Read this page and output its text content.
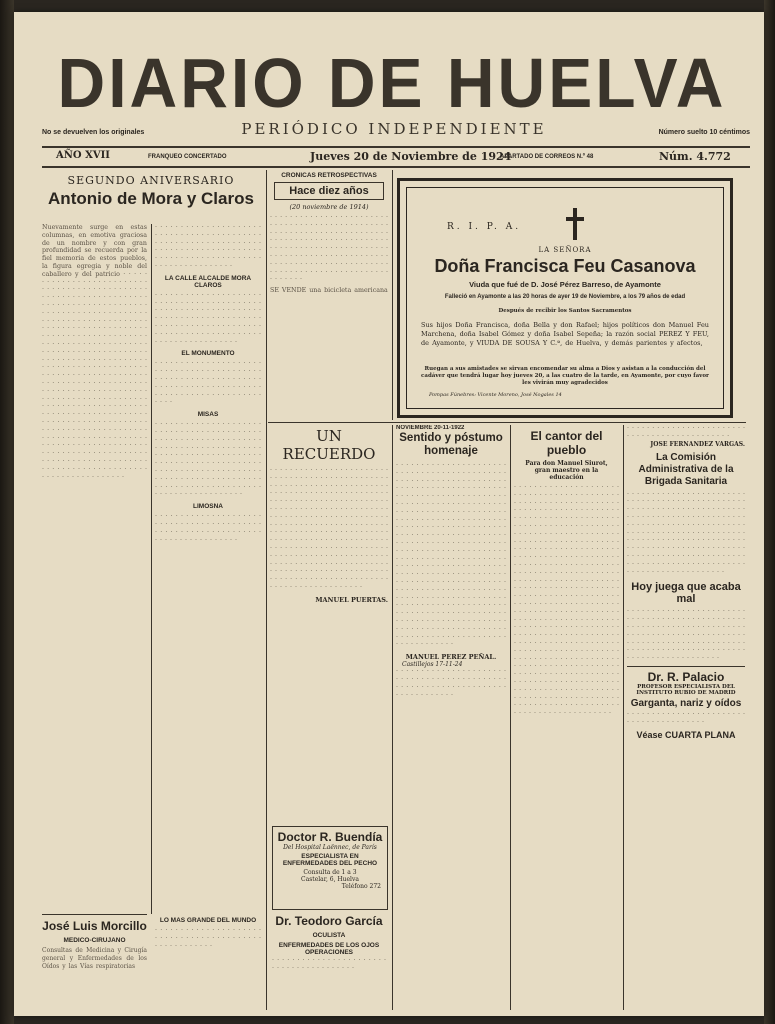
DIARIO DE HUELVA
No se devuelven los originales	PERIÓDICO INDEPENDIENTE	Número suelto 10 céntimos
AÑO XVII	FRANQUEO CONCERTADO	Jueves 20 de Noviembre de 1924
APARTADO DE CORREOS N.º 48	Núm. 4.772
SEGUNDO ANIVERSARIO
Antonio de Mora y Claros
Nuevamente surge en estas columnas, en emotiva graciosa de un nombre y con gran profundidad se recuerda por la fiel memoria de estos pueblos, la figura egregia y noble del caballero y del patricio · · · · · · · · · · · · · · · · · · · · · · · · · · · · · · · · · · · · · · · · · · · · · · · · · · · · · · · · · · · · · · · · · · · · · · · · · · · · · · · · · · · · · · · · · · · · · · · · · · · · · · · · · · · · · · · · · · · · · · · · · · · · · · · · · · · · · · · · · · · · · · · · · · · · · · · · · · · · · · · · · · · · · · · · · · · · · · · · · · · · · · · · · · · · · · · · · · · · · · · · · · · · · · · · · · · · · · · · · · · · · · · · · · · · · · · · · · · · · · · · · · · · · · · · · · · · · · · · · · · · · · · · · · · · · · · · · · · · · · · · · · · · · · · · · · · · · · · · · · · · · · · · · · · · · · · · · · · · · · · · · · · · · · · · · · · · · · · · · · · · · · · · · · · · · · · · · · · · · · · · · · · · · · · · · · · · · · · · · · · · · · · · · · · · · · · · · · · · · · · · · · · · · · · · · · · · · · · · · · · · · · · · · · · · · · · · · · · · · · · · · · · · · · · · · · · · · · · · · · · · · · · · · · · · · · · · · · · · · · · · · · · · · · · · · · · · · · · · · · · · · · · · · · · · · · · · · · · · · · · · · · · · · · · · · · · · · · · · · · · · · · · · · · ·
José Luis Morcillo
MEDICO-CIRUJANO
Consultas de Medicina y Cirugía general y Enfermedades de los Oídos y las Vías respiratorias
· · · · · · · · · · · · · · · · · · · · · · · · · · · · · · · · · · · · · · · · · · · · · · · · · · · · · · · · · · · · · · · · · · · · · · · · · · · · · · · · · · · · · · · · · · · · · · · · · · · · · · · · · · · · · · · · · · · · · · · · ·
LA CALLE ALCALDE MORA CLAROS
· · · · · · · · · · · · · · · · · · · · · · · · · · · · · · · · · · · · · · · · · · · · · · · · · · · · · · · · · · · · · · · · · · · · · · · · · · · · · · · · · · · · · · · · · · · · · · · · · · · · · · · · · · · · · · · · · · · · · · · · · · · · · · · · · · · · · · · · · · · · · · ·
EL MONUMENTO
· · · · · · · · · · · · · · · · · · · · · · · · · · · · · · · · · · · · · · · · · · · · · · · · · · · · · · · · · · · · · · · · · · · · · · · · · · · · · · · · · · · · · · · · · · · · · · · · · · · · · · · · · · · · ·
MISAS
· · · · · · · · · · · · · · · · · · · · · · · · · · · · · · · · · · · · · · · · · · · · · · · · · · · · · · · · · · · · · · · · · · · · · · · · · · · · · · · · · · · · · · · · · · · · · · · · · · · · · · · · · · · · · · · · · · · · · · · · · · · · · · · · · · · · · · · · · · · · · · · · · · · · · · · · · · · · · · · · · · · · · · · · · · · · · · · · · · · · · · · · · · · · · · · · · · · · · · · · · · · · · · ·
LIMOSNA
· · · · · · · · · · · · · · · · · · · · · · · · · · · · · · · · · · · · · · · · · · · · · · · · · · · · · · · · · · · · · · · · · · · · · · · · · · · · · · · ·
LO MAS GRANDE DEL MUNDO
· · · · · · · · · · · · · · · · · · · · · · · · · · · · · · · · · · · · · · · · · · · · · · · · · · · · · ·
CRONICAS RETROSPECTIVAS
Hace diez años
(20 noviembre de 1914)
· · · · · · · · · · · · · · · · · · · · · · · · · · · · · · · · · · · · · · · · · · · · · · · · · · · · · · · · · · · · · · · · · · · · · · · · · · · · · · · · · · · · · · · · · · · · · · · · · · · · · · · · · · · · · · · · · · · · · · · · · · · · · · · · · · · · · · · · · · · · · · · · · · · · · · · · · · · · · · · · · · · · · · · · · · · · · · · · · · · · · · · · · · · · · · · · · · · · · · ·
SE VENDE una bicicleta americana
R. I. P. A.
LA SEÑORA
Doña Francisca Feu Casanova
Viuda que fué de D. José Pérez Barreso, de Ayamonte
Falleció en Ayamonte a las 20 horas de ayer 19 de Noviembre, a los 79 años de edad
Después de recibir los Santos Sacramentos
Sus hijos Doña Francisca, doña Bella y don Rafael; hijos políticos don Manuel Feu Marchena, doña Isabel Gómez y doña Isabel Sepeña; la razón social PEREZ Y FEU, de Ayamonte, y VIUDA DE SOUSA Y C.ª, de Huelva, y demás parientes y afectos,
Ruegan a sus amistades se sirvan encomendar su alma a Dios y asistan a la conducción del cadáver que tendrá lugar hoy jueves 20, a las cuatro de la tarde, en Ayamonte, por cuyo favor les vivirán muy agradecidos
Pompas Fúnebres: Vicente Moreno, José Nogales 14
UN RECUERDO
· · · · · · · · · · · · · · · · · · · · · · · · · · · · · · · · · · · · · · · · · · · · · · · · · · · · · · · · · · · · · · · · · · · · · · · · · · · · · · · · · · · · · · · · · · · · · · · · · · · · · · · · · · · · · · · · · · · · · · · · · · · · · · · · · · · · · · · · · · · · · · · · · · · · · · · · · · · · · · · · · · · · · · · · · · · · · · · · · · · · · · · · · · · · · · · · · · · · · · · · · · · · · · · · · · · · · · · · · · · · · · · · · · · · · · · · · · · · · · · · · · · · · · · · · · · · · · · · · · · · · · · · · · · · · · · · · · · · · · · · · · · · · · · · · · · · · · · · · · · · · · · · · · · · · · · · · · · · · · · · · · · · · · · · · · · · · · · · · · · · · · · · · · · · · · · · · · · · · · · · · · · · · · · · · · · · · · · · · · ·
MANUEL PUERTAS.
Doctor R. Buendía
Del Hospital Laënnec, de París
ESPECIALISTA EN ENFERMEDADES DEL PECHO
Consulta de 1 a 3
Castelar, 6, Huelva
Teléfono 272
Dr. Teodoro García
OCULISTA
ENFERMEDADES DE LOS OJOS OPERACIONES
· · · · · · · · · · · · · · · · · · · · · · · · · · · · · · · · · · · · · · · ·
NOVIEMBRE 20-11-1922
Sentido y póstumo homenaje
· · · · · · · · · · · · · · · · · · · · · · · · · · · · · · · · · · · · · · · · · · · · · · · · · · · · · · · · · · · · · · · · · · · · · · · · · · · · · · · · · · · · · · · · · · · · · · · · · · · · · · · · · · · · · · · · · · · · · · · · · · · · · · · · · · · · · · · · · · · · · · · · · · · · · · · · · · · · · · · · · · · · · · · · · · · · · · · · · · · · · · · · · · · · · · · · · · · · · · · · · · · · · · · · · · · · · · · · · · · · · · · · · · · · · · · · · · · · · · · · · · · · · · · · · · · · · · · · · · · · · · · · · · · · · · · · · · · · · · · · · · · · · · · · · · · · · · · · · · · · · · · · · · · · · · · · · · · · · · · · · · · · · · · · · · · · · · · · · · · · · · · · · · · · · · · · · · · · · · · · · · · · · · · · · · · · · · · · · · · · · · · · · · · · · · · · · · · · · · · · · · · · · · · · · · · · · · · · · · · · · · · · · · · · · · · · · · · · · · · · · · · · · · · · · · · · · · · · · · · · · · · · · · · · · · · · · · · · · · · · · · · · · · · · · · · · · · · · · · · · · · · · · · · · · · · · · · · · · ·
MANUEL PEREZ PEÑAL.
Castillejos 17-11-24
· · · · · · · · · · · · · · · · · · · · · · · · · · · · · · · · · · · · · · · · · · · · · · · · · · · · · · · · · · · · · · · · · · · · · · · · · · · · · ·
El cantor del pueblo
Para don Manuel Siurot, gran maestro en la educación
· · · · · · · · · · · · · · · · · · · · · · · · · · · · · · · · · · · · · · · · · · · · · · · · · · · · · · · · · · · · · · · · · · · · · · · · · · · · · · · · · · · · · · · · · · · · · · · · · · · · · · · · · · · · · · · · · · · · · · · · · · · · · · · · · · · · · · · · · · · · · · · · · · · · · · · · · · · · · · · · · · · · · · · · · · · · · · · · · · · · · · · · · · · · · · · · · · · · · · · · · · · · · · · · · · · · · · · · · · · · · · · · · · · · · · · · · · · · · · · · · · · · · · · · · · · · · · · · · · · · · · · · · · · · · · · · · · · · · · · · · · · · · · · · · · · · · · · · · · · · · · · · · · · · · · · · · · · · · · · · · · · · · · · · · · · · · · · · · · · · · · · · · · · · · · · · · · · · · · · · · · · · · · · · · · · · · · · · · · · · · · · · · · · · · · · · · · · · · · · · · · · · · · · · · · · · · · · · · · · · · · · · · · · · · · · · · · · · · · · · · · · · · · · · · · · · · · · · · · · · · · · · · · · · · · · · · · · · · · · · · · · · · · · · · · · · · · · · · · · · · · · · · · · · · · · · · · · · · · · · · · · · · · · · · · · · · · · · · · · · · · · · · · · · · · · · · · · · · · · · · · · · · · · · · · · · · · · · · · · · · · · · · · · · · · · · · · · · · · · · · · · · · · · · · · · · · · · · · · · · · · · · · · · · ·
· · · · · · · · · · · · · · · · · · · · · · · · · · · · · · · · · · · · · · · · · · · · ·
JOSE FERNANDEZ VARGAS.
La Comisión Administrativa de la Brigada Sanitaria
· · · · · · · · · · · · · · · · · · · · · · · · · · · · · · · · · · · · · · · · · · · · · · · · · · · · · · · · · · · · · · · · · · · · · · · · · · · · · · · · · · · · · · · · · · · · · · · · · · · · · · · · · · · · · · · · · · · · · · · · · · · · · · · · · · · · · · · · · · · · · · · · · · · · · · · · · · · · · · · · · · · · · · · · · · · · · · · · · · · · · · · · · · · · · · · · · · · · · · · · · · · · · · · · · · · · · · · · · · · · · · · · · · · · · · · · · · · · · · · · · · · · · · · · · · · · · · · · · · · ·
Hoy juega que acaba mal
· · · · · · · · · · · · · · · · · · · · · · · · · · · · · · · · · · · · · · · · · · · · · · · · · · · · · · · · · · · · · · · · · · · · · · · · · · · · · · · · · · · · · · · · · · · · · · · · · · · · · · · · · · · · · · · · · · · · · · · · · · · · · · · · · · · · · · · · · · · · · · · · · · · · · · · · · · · · · · · · · · ·
Dr. R. Palacio
PROFESOR ESPECIALISTA DEL INSTITUTO RUBIO DE MADRID
Garganta, nariz y oídos
· · · · · · · · · · · · · · · · · · · · · · · · · · · · · · · · · · · · · · · ·
Véase CUARTA PLANA
